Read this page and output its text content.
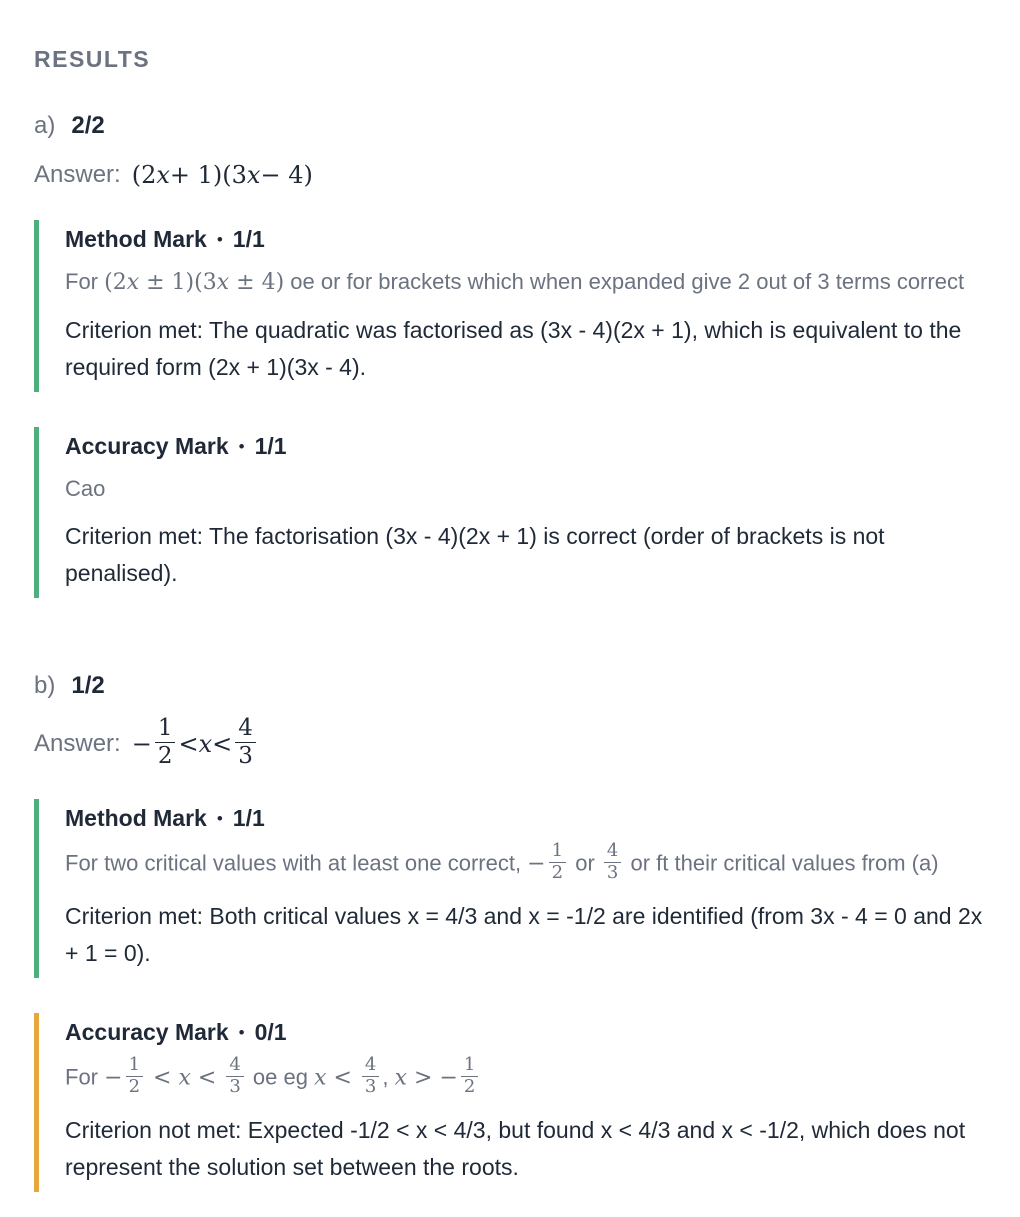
RESULTS
a) 2/2
Answer: (2 x + 1)(3 x − 4)
Method Mark • 1/1
For (2x ± 1)(3x ± 4) oe or for brackets which when expanded give 2 out of 3 terms correct
Criterion met: The quadratic was factorised as (3x - 4)(2x + 1), which is equivalent to the required form (2x + 1)(3x - 4).
Accuracy Mark • 1/1
Cao
Criterion met: The factorisation (3x - 4)(2x + 1) is correct (order of brackets is not penalised).
b) 1/2
Answer: − $\frac{1}{2} < x < \frac{4}{3}$
Method Mark • 1/1
For two critical values with at least one correct, − $\frac{1}{2}$ or $\frac{4}{3}$ or ft their critical values from (a)
Criterion met: Both critical values x = 4/3 and x = -1/2 are identified (from 3x - 4 = 0 and 2x + 1 = 0).
Accuracy Mark • 0/1
For − $\frac{1}{2} < x < \frac{4}{3}$ oe eg $x < \frac{4}{3}$ , x > − $\frac{1}{2}$
Criterion not met: Expected -1/2 < x < 4/3, but found x < 4/3 and x < -1/2, which does not represent the solution set between the roots.
